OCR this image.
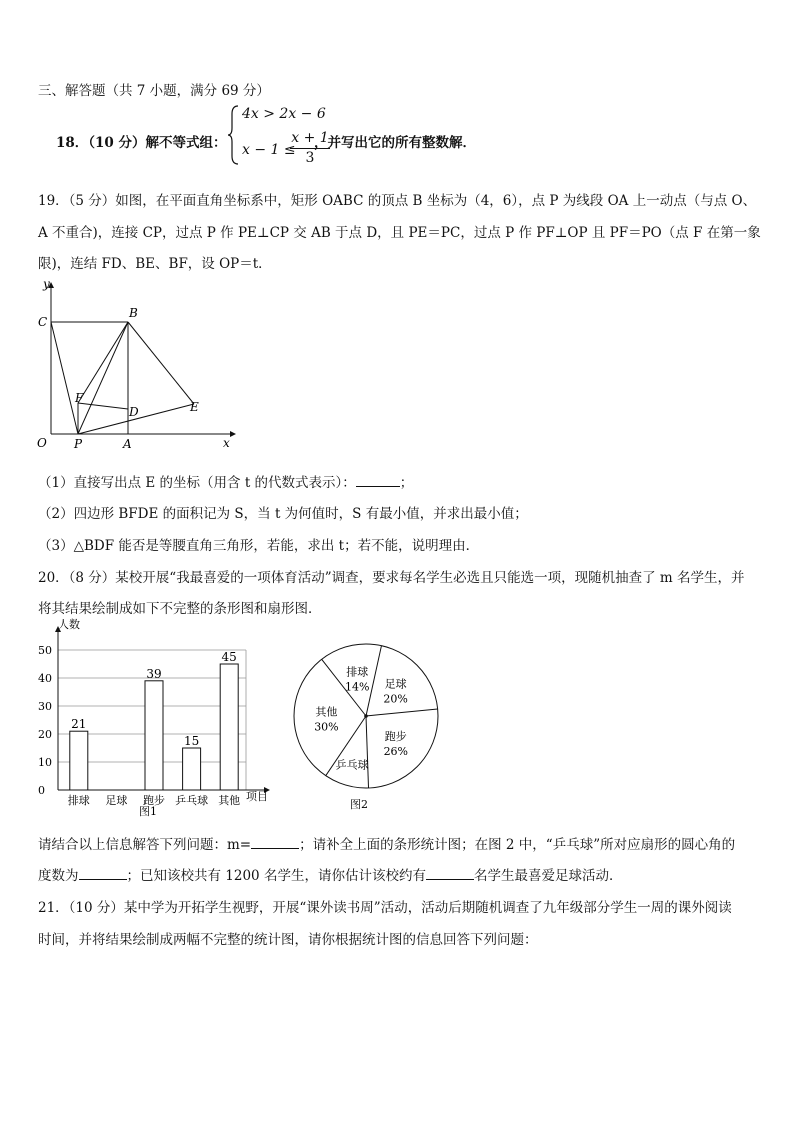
三、解答题（共 7 小题，满分 69 分）
18．（10 分）解不等式组：
4x > 2x − 6
x − 1 ≤
x + 1
3
，并写出它的所有整数解．
19．（5 分）如图，在平面直角坐标系中，矩形 OABC 的顶点 B 坐标为（4，6），点 P 为线段 OA 上一动点（与点 O、
A 不重合)，连接 CP，过点 P 作 PE⊥CP 交 AB 于点 D，且 PE＝PC，过点 P 作 PF⊥OP 且 PF＝PO（点 F 在第一象
限)，连结 FD、BE、BF，设 OP＝t．
y
x
O
C
B
F
D	E
P	A
（1）直接写出点 E 的坐标（用含 t 的代数式表示）：	；
（2）四边形 BFDE 的面积记为 S，当 t 为何值时，S 有最小值，并求出最小值；
（3）△BDF 能否是等腰直角三角形，若能，求出 t；若不能，说明理由．
20．（8 分）某校开展“我最喜爱的一项体育活动”调查，要求每名学生必选且只能选一项，现随机抽查了 m 名学生，并
将其结果绘制成如下不完整的条形图和扇形图．
0
10
20
30
40
50
21
排球 足球
39
跑步
15
乒乓球
45
其他
人数
项目
图1
排球
14% 足球
20%
跑步
26%
乒乓球
其他
30%
图2
请结合以上信息解答下列问题：m=	；请补全上面的条形统计图；在图 2 中，“乒乓球”所对应扇形的圆心角的
度数为	；已知该校共有 1200 名学生，请你估计该校约有	名学生最喜爱足球活动．
21．（10 分）某中学为开拓学生视野，开展“课外读书周”活动，活动后期随机调查了九年级部分学生一周的课外阅读
时间，并将结果绘制成两幅不完整的统计图，请你根据统计图的信息回答下列问题：
